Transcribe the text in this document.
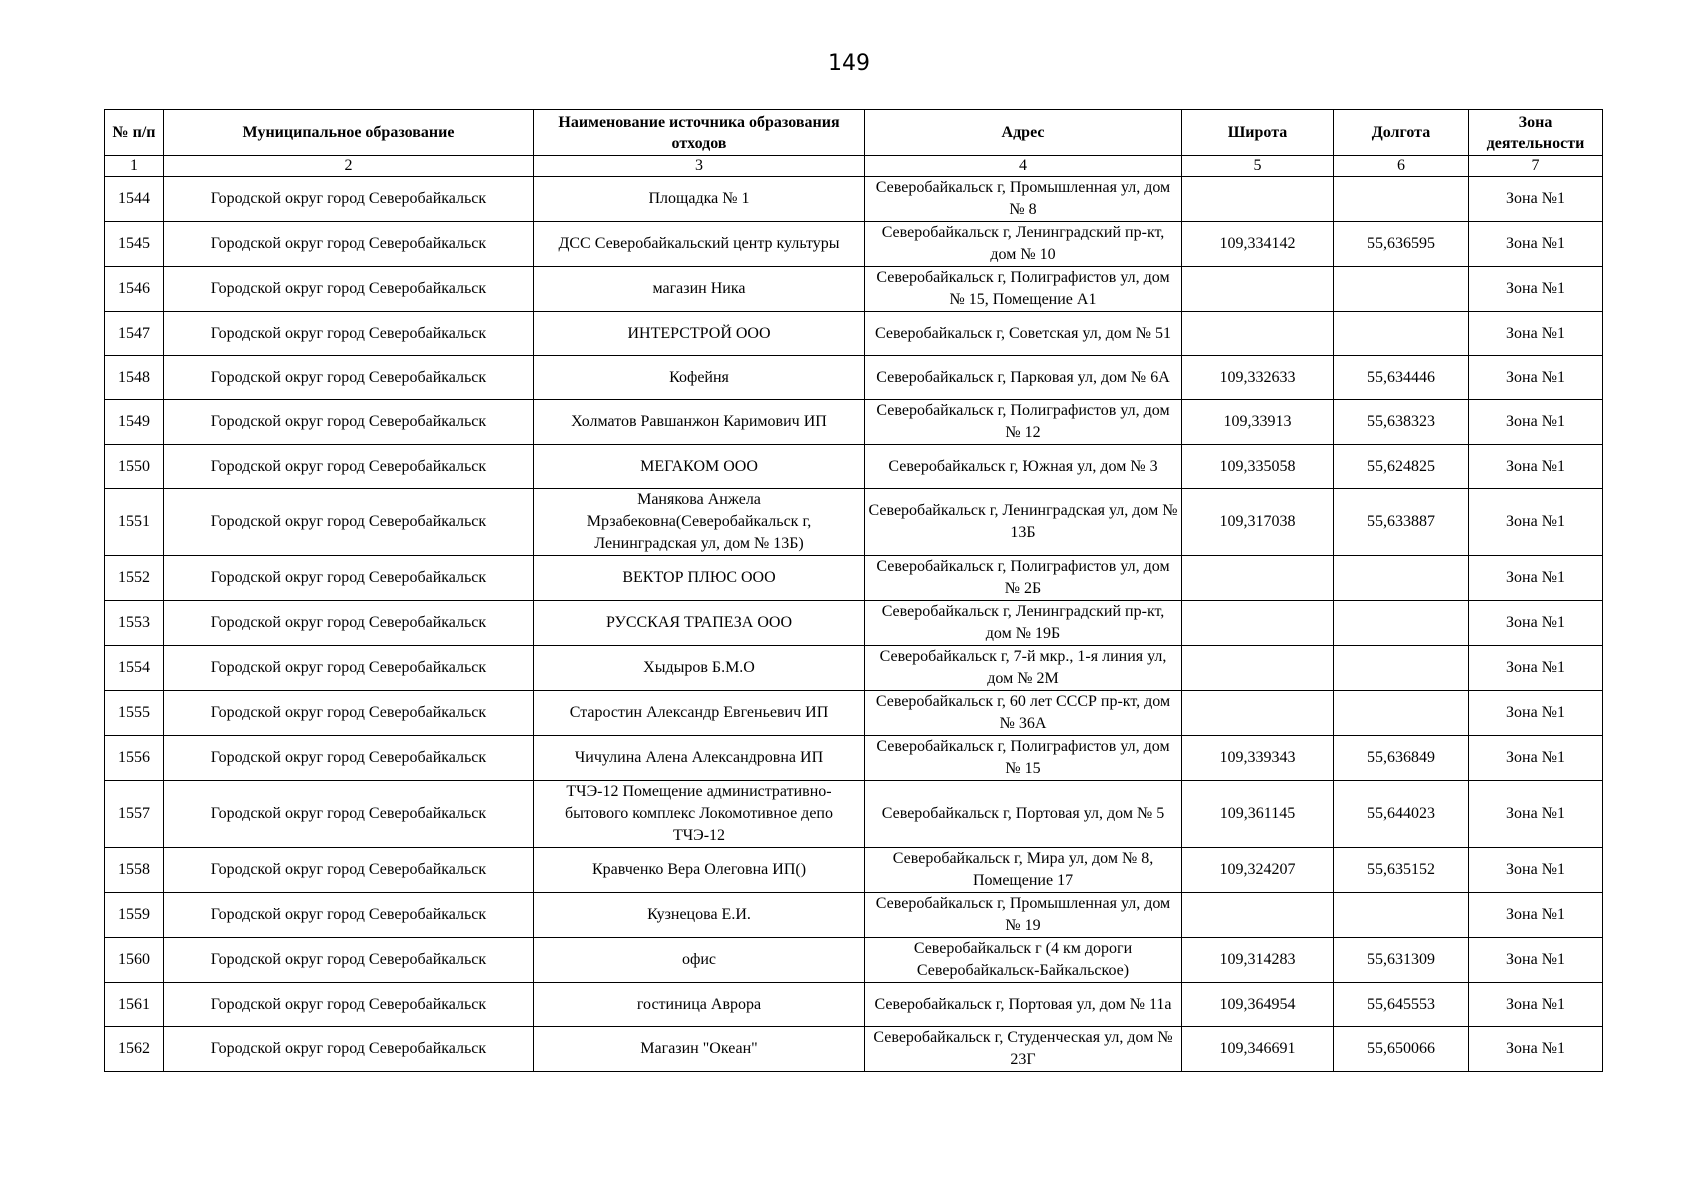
149
№ п/п	Муниципальное образование	Наименование источника образования отходов	Адрес	Широта	Долгота	Зона деятельности
1	2	3	4	5	6	7
1544	Городской округ город Северобайкальск	Площадка № 1	Северобайкальск г, Промышленная ул, дом № 8			Зона №1
1545	Городской округ город Северобайкальск	ДСС Северобайкальский центр культуры	Северобайкальск г, Ленинградский пр-кт, дом № 10	109,334142	55,636595	Зона №1
1546	Городской округ город Северобайкальск	магазин Ника	Северобайкальск г, Полиграфистов ул, дом № 15, Помещение А1			Зона №1
1547	Городской округ город Северобайкальск	ИНТЕРСТРОЙ ООО	Северобайкальск г, Советская ул, дом № 51			Зона №1
1548	Городской округ город Северобайкальск	Кофейня	Северобайкальск г, Парковая ул, дом № 6А	109,332633	55,634446	Зона №1
1549	Городской округ город Северобайкальск	Холматов Равшанжон Каримович ИП	Северобайкальск г, Полиграфистов ул, дом № 12	109,33913	55,638323	Зона №1
1550	Городской округ город Северобайкальск	МЕГАКОМ ООО	Северобайкальск г, Южная ул, дом № 3	109,335058	55,624825	Зона №1
1551	Городской округ город Северобайкальск	Манякова Анжела Мрзабековна(Северобайкальск г, Ленинградская ул, дом № 13Б)	Северобайкальск г, Ленинградская ул, дом № 13Б	109,317038	55,633887	Зона №1
1552	Городской округ город Северобайкальск	ВЕКТОР ПЛЮС ООО	Северобайкальск г, Полиграфистов ул, дом № 2Б			Зона №1
1553	Городской округ город Северобайкальск	РУССКАЯ ТРАПЕЗА ООО	Северобайкальск г, Ленинградский пр-кт, дом № 19Б			Зона №1
1554	Городской округ город Северобайкальск	Хыдыров Б.М.О	Северобайкальск г, 7-й мкр., 1-я линия ул, дом № 2М			Зона №1
1555	Городской округ город Северобайкальск	Старостин Александр Евгеньевич ИП	Северобайкальск г, 60 лет СССР пр-кт, дом № 36А			Зона №1
1556	Городской округ город Северобайкальск	Чичулина Алена Александровна ИП	Северобайкальск г, Полиграфистов ул, дом № 15	109,339343	55,636849	Зона №1
1557	Городской округ город Северобайкальск	ТЧЭ-12 Помещение административно-бытового комплекс Локомотивное депо ТЧЭ-12	Северобайкальск г, Портовая ул, дом № 5	109,361145	55,644023	Зона №1
1558	Городской округ город Северобайкальск	Кравченко Вера Олеговна ИП()	Северобайкальск г, Мира ул, дом № 8, Помещение 17	109,324207	55,635152	Зона №1
1559	Городской округ город Северобайкальск	Кузнецова Е.И.	Северобайкальск г, Промышленная ул, дом № 19			Зона №1
1560	Городской округ город Северобайкальск	офис	Северобайкальск г (4 км дороги Северобайкальск-Байкальское)	109,314283	55,631309	Зона №1
1561	Городской округ город Северобайкальск	гостиница Аврора	Северобайкальск г, Портовая ул, дом № 11а	109,364954	55,645553	Зона №1
1562	Городской округ город Северобайкальск	Магазин "Океан"	Северобайкальск г, Студенческая ул, дом № 23Г	109,346691	55,650066	Зона №1
